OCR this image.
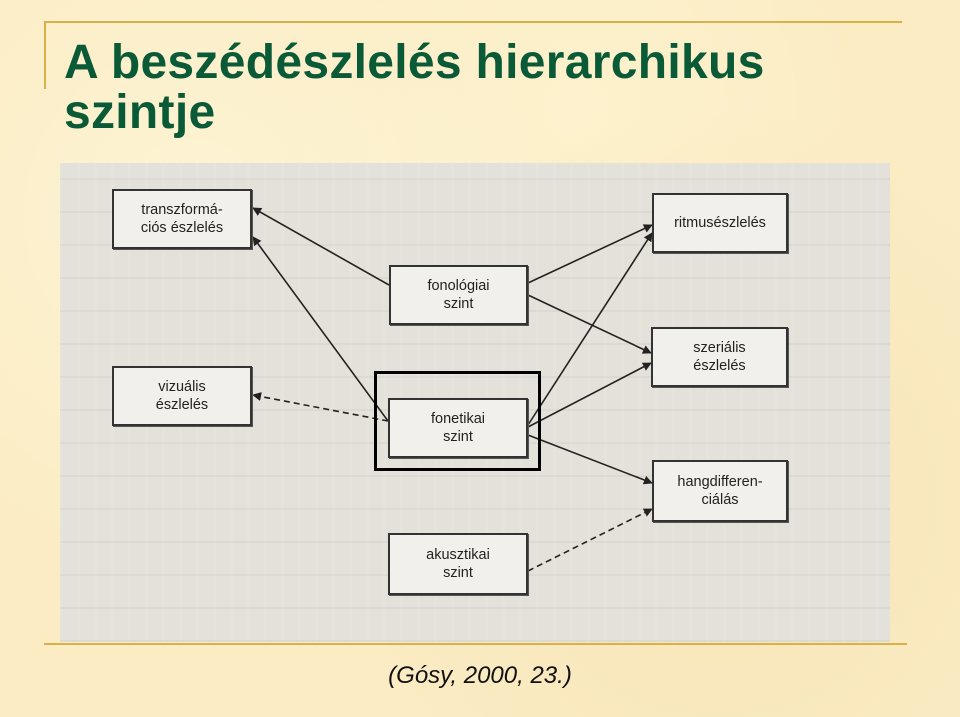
A beszédészlelés hierarchikus
szintje
transzformá-
ciós észlelés
vizuális
észlelés
fonológiai
szint
fonetikai
szint
akusztikai
szint
ritmusészlelés
szeriális
észlelés
hangdifferen-
ciálás
(Gósy, 2000, 23.)
